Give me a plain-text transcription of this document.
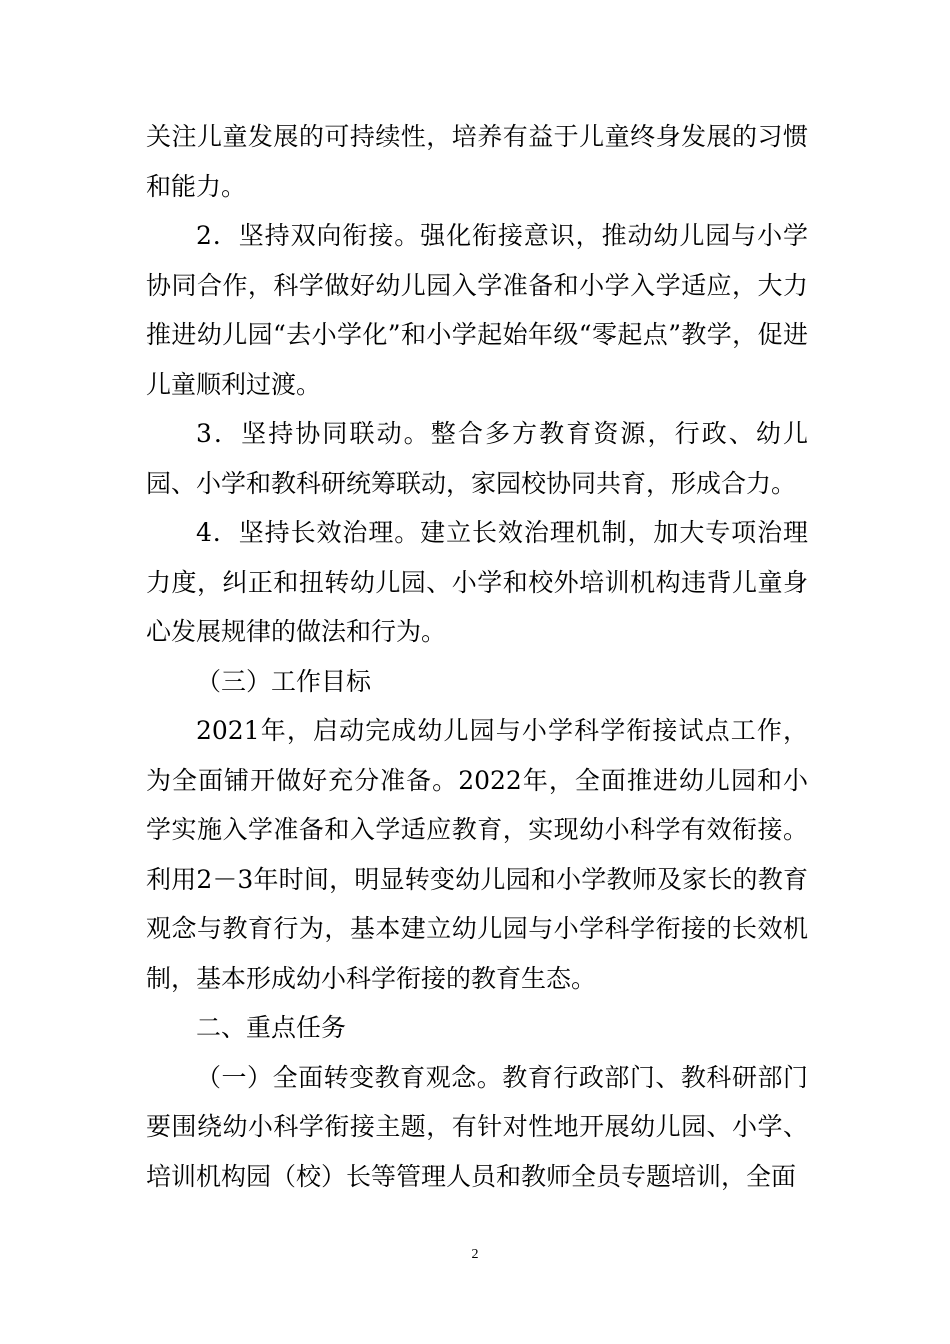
关注儿童发展的可持续性，培养有益于儿童终身发展的习惯和能力。

2．坚持双向衔接。强化衔接意识，推动幼儿园与小学协同合作，科学做好幼儿园入学准备和小学入学适应，大力推进幼儿园“去小学化”和小学起始年级“零起点”教学，促进儿童顺利过渡。

3．坚持协同联动。整合多方教育资源，行政、幼儿园、小学和教科研统筹联动，家园校协同共育，形成合力。

4．坚持长效治理。建立长效治理机制，加大专项治理力度，纠正和扭转幼儿园、小学和校外培训机构违背儿童身心发展规律的做法和行为。

（三）工作目标

2021年，启动完成幼儿园与小学科学衔接试点工作，为全面铺开做好充分准备。2022年，全面推进幼儿园和小学实施入学准备和入学适应教育，实现幼小科学有效衔接。利用2－3年时间，明显转变幼儿园和小学教师及家长的教育观念与教育行为，基本建立幼儿园与小学科学衔接的长效机制，基本形成幼小科学衔接的教育生态。

二、重点任务

（一）全面转变教育观念。教育行政部门、教科研部门要围绕幼小科学衔接主题，有针对性地开展幼儿园、小学、培训机构园（校）长等管理人员和教师全员专题培训，全面

2
